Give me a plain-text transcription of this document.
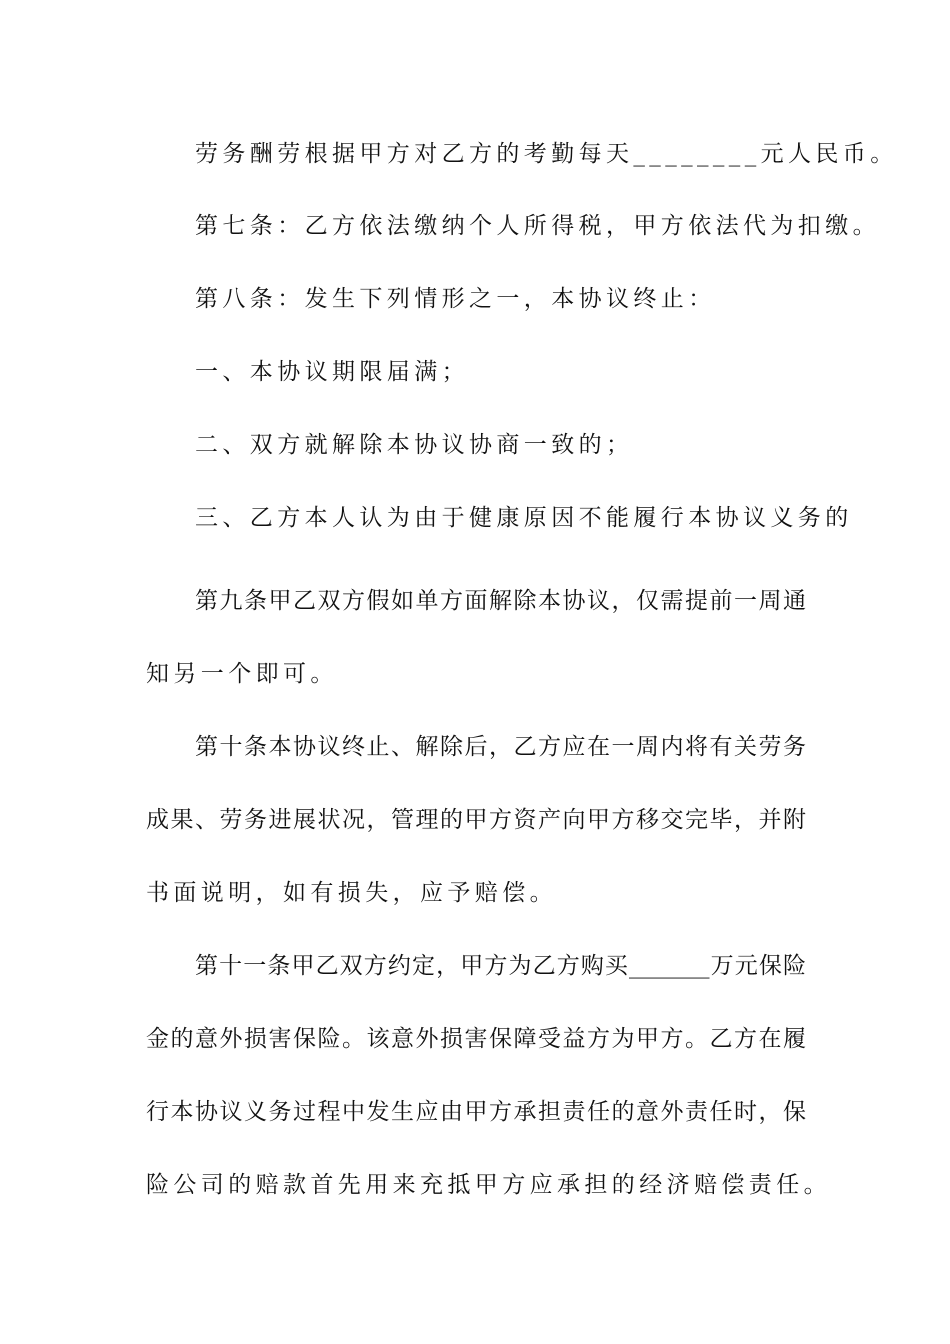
劳务酬劳根据甲方对乙方的考勤每天________元人民币。
第七条：乙方依法缴纳个人所得税，甲方依法代为扣缴。
第八条：发生下列情形之一，本协议终止：
一、本协议期限届满；
二、双方就解除本协议协商一致的；
三、乙方本人认为由于健康原因不能履行本协议义务的
第九条甲乙双方假如单方面解除本协议，仅需提前一周通
知另一个即可。
第十条本协议终止、解除后，乙方应在一周内将有关劳务
成果、劳务进展状况，管理的甲方资产向甲方移交完毕，并附
书面说明，如有损失，应予赔偿。
第十一条甲乙双方约定，甲方为乙方购买_______万元保险
金的意外损害保险。该意外损害保障受益方为甲方。乙方在履
行本协议义务过程中发生应由甲方承担责任的意外责任时，保
险公司的赔款首先用来充抵甲方应承担的经济赔偿责任。
